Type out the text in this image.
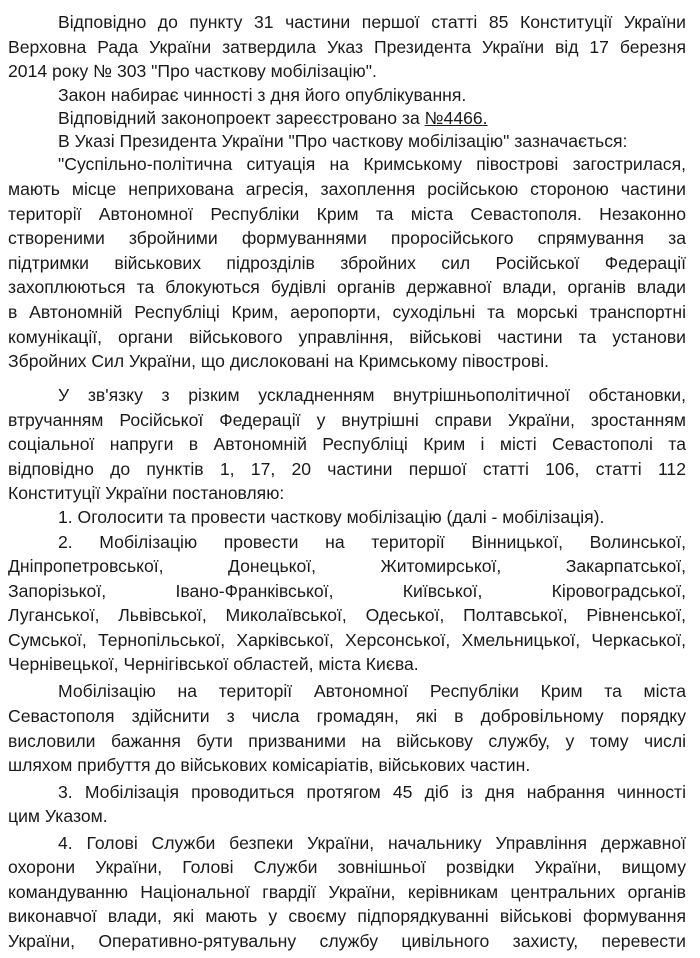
Відповідно до пункту 31 частини першої статті 85 Конституції України
Верховна Рада України затвердила Указ Президента України від 17 березня
2014 року № 303 "Про часткову мобілізацію".
Закон набирає чинності з дня його опублікування.
Відповідний законопроект зареєстровано за №4466.
В Указі Президента України "Про часткову мобілізацію" зазначається:
"Суспільно-політична ситуація на Кримському півострові загострилася,
мають місце неприхована агресія, захоплення російською стороною частини
території Автономної Республіки Крим та міста Севастополя. Незаконно
створеними збройними формуваннями проросійського спрямування за
підтримки військових підрозділів збройних сил Російської Федерації
захоплюються та блокуються будівлі органів державної влади, органів влади
в Автономній Республіці Крим, аеропорти, суходільні та морські транспортні
комунікації, органи військового управління, військові частини та установи
Збройних Сил України, що дислоковані на Кримському півострові.
У зв'язку з різким ускладненням внутрішньополітичної обстановки,
втручанням Російської Федерації у внутрішні справи України, зростанням
соціальної напруги в Автономній Республіці Крим і місті Севастополі та
відповідно до пунктів 1, 17, 20 частини першої статті 106, статті 112
Конституції України постановляю:
1. Оголосити та провести часткову мобілізацію (далі - мобілізація).
2. Мобілізацію провести на території Вінницької, Волинської,
Дніпропетровської, Донецької, Житомирської, Закарпатської,
Запорізької, Івано-Франківської, Київської, Кіровоградської,
Луганської, Львівської, Миколаївської, Одеської, Полтавської, Рівненської,
Сумської, Тернопільської, Харківської, Херсонської, Хмельницької, Черкаської,
Чернівецької, Чернігівської областей, міста Києва.
Мобілізацію на території Автономної Республіки Крим та міста
Севастополя здійснити з числа громадян, які в добровільному порядку
висловили бажання бути призваними на військову службу, у тому числі
шляхом прибуття до військових комісаріатів, військових частин.
3. Мобілізація проводиться протягом 45 діб із дня набрання чинності
цим Указом.
4. Голові Служби безпеки України, начальнику Управління державної
охорони України, Голові Служби зовнішньої розвідки України, вищому
командуванню Національної гвардії України, керівникам центральних органів
виконавчої влади, які мають у своєму підпорядкуванні військові формування
України, Оперативно-рятувальну службу цивільного захисту, перевести
